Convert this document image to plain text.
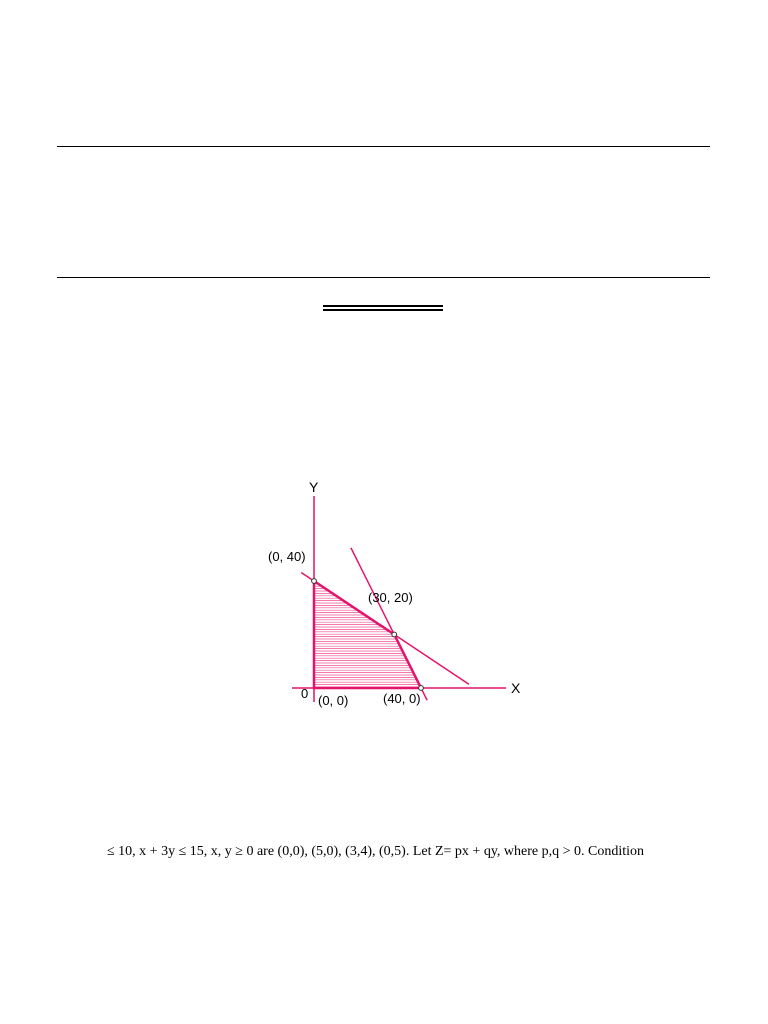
Y
X
0
(0, 40)
(30, 20)
(40, 0)
(0, 0)
≤ 10, x + 3y ≤ 15, x, y ≥ 0 are (0,0), (5,0), (3,4), (0,5). Let Z= px + qy, where p,q > 0. Condition
